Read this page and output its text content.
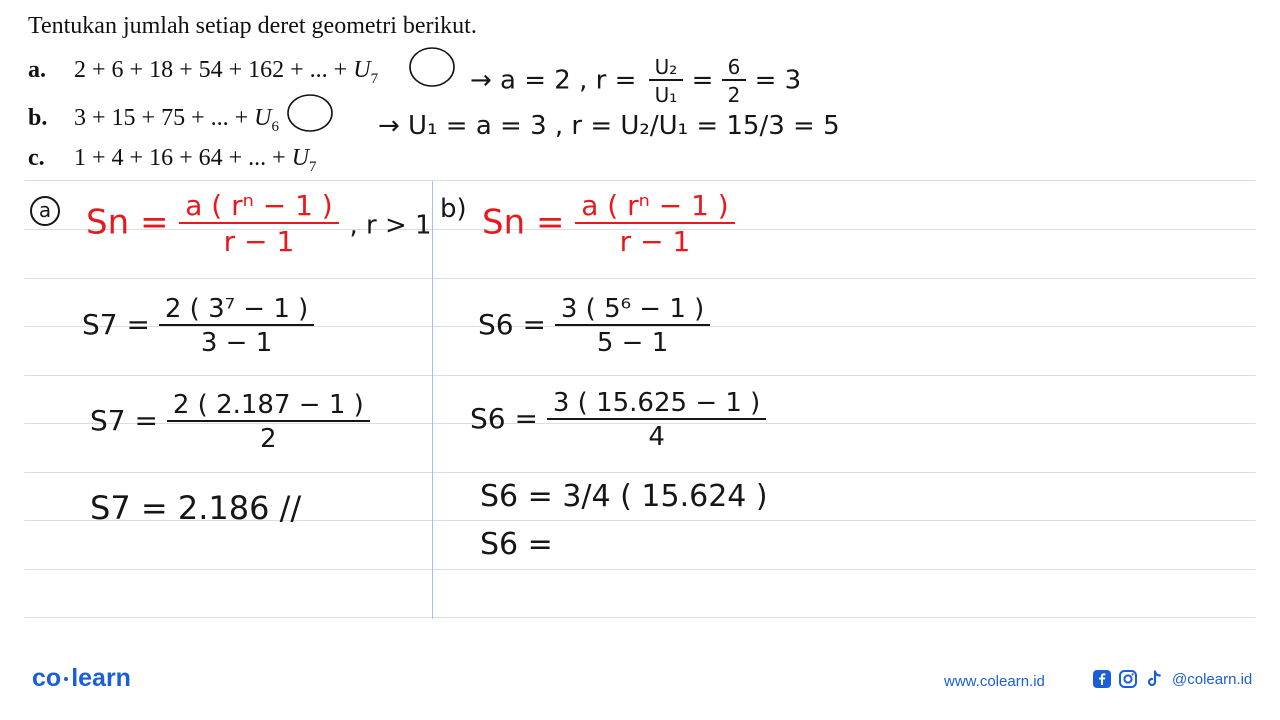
Tentukan jumlah setiap deret geometri berikut.
a. 2 + 6 + 18 + 54 + 162 + ... + $U_7$
b. 3 + 15 + 75 + ... + $U_6$
c. 1 + 4 + 16 + 64 + ... + $U_7$
→ a = 2 , $r = \frac{\text{U₂}}{\text{U₁}} = \frac{6}{2} = 3$
→ U₁ = a = 3 , r = U₂/U₁ = 15/3 = 5
a $Sn = \frac{\text{a ( rⁿ − 1 )}}{r - 1}$ , r > 1
$S7 = \frac{\text{2 ( 3⁷ − 1 )}}{3 - 1}$
$S7 = \frac{2 ( 2.187 - 1 )}{2}$
S7 = 2.186 //
b) $Sn = \frac{\text{a ( rⁿ − 1 )}}{r - 1}$
$S6 = \frac{\text{3 ( 5⁶ − 1 )}}{5 - 1}$
$S6 = \frac{3 ( 15.625 - 1 )}{4}$
S6 = 3/4 ( 15.624 )
S6 =
co learn	www.colearn.id	@colearn.id
